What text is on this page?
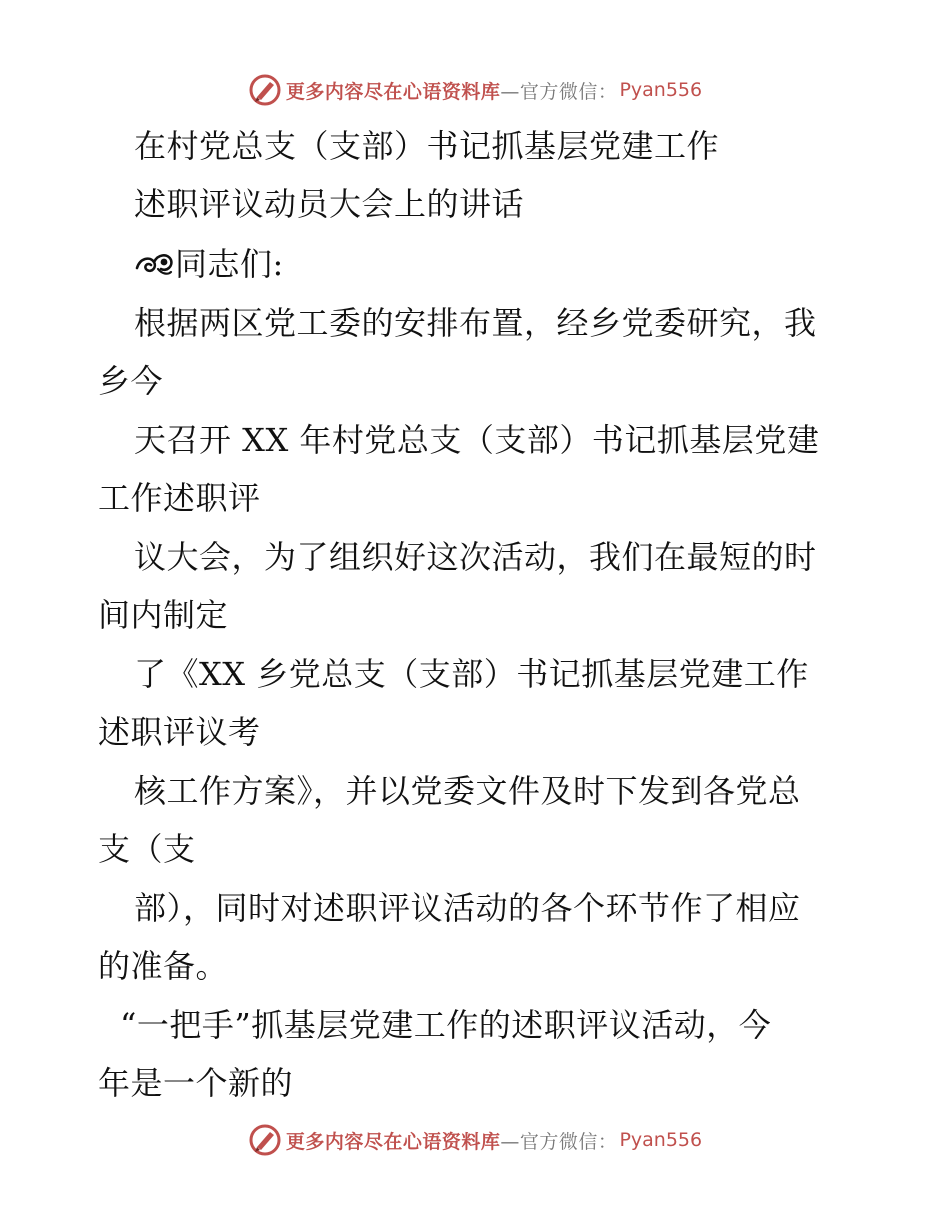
更多内容尽在心语资料库 —官方微信： Pyan556
在村党总支（支部）书记抓基层党建工作
述职评议动员大会上的讲话
同志们:
根据两区党工委的安排布置，经乡党委研究，我
乡今
天召开 XX 年村党总支（支部）书记抓基层党建
工作述职评
议大会，为了组织好这次活动，我们在最短的时
间内制定
了《XX 乡党总支（支部）书记抓基层党建工作
述职评议考
核工作方案》，并以党委文件及时下发到各党总
支（支
部），同时对述职评议活动的各个环节作了相应
的准备。
“一把手”抓基层党建工作的述职评议活动，今
年是一个新的
更多内容尽在心语资料库 —官方微信： Pyan556
